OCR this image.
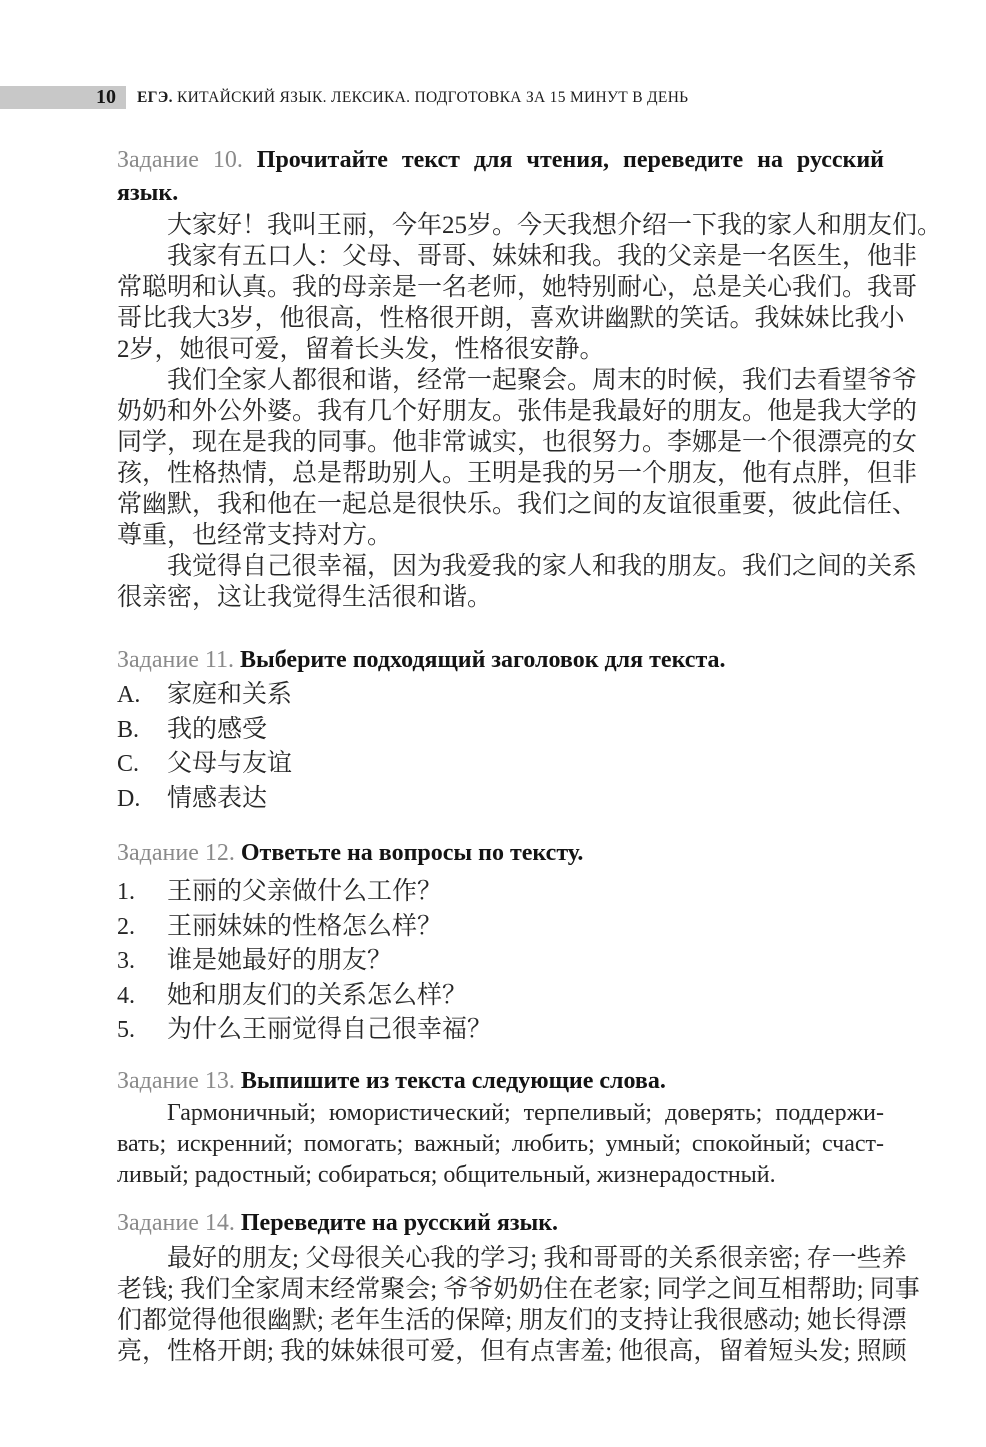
10	ЕГЭ. КИТАЙСКИЙ ЯЗЫК. ЛЕКСИКА. ПОДГОТОВКА ЗА 15 МИНУТ В ДЕНЬ
Задание 10. Прочитайте текст для чтения, переведите на русский язык.
大家好！我叫王丽，今年25岁。今天我想介绍一下我的家人和朋友们。
我家有五口人：父母、哥哥、妹妹和我。我的父亲是一名医生，他非
常聪明和认真。我的母亲是一名老师，她特别耐心，总是关心我们。我哥
哥比我大3岁，他很高，性格很开朗，喜欢讲幽默的笑话。我妹妹比我小
2岁，她很可爱，留着长头发，性格很安静。
我们全家人都很和谐，经常一起聚会。周末的时候，我们去看望爷爷
奶奶和外公外婆。我有几个好朋友。张伟是我最好的朋友。他是我大学的
同学，现在是我的同事。他非常诚实，也很努力。李娜是一个很漂亮的女
孩，性格热情，总是帮助别人。王明是我的另一个朋友，他有点胖，但非
常幽默，我和他在一起总是很快乐。我们之间的友谊很重要，彼此信任、
尊重，也经常支持对方。
我觉得自己很幸福，因为我爱我的家人和我的朋友。我们之间的关系
很亲密，这让我觉得生活很和谐。
Задание 11. Выберите подходящий заголовок для текста.
A. 家庭和关系
B. 我的感受
C. 父母与友谊
D. 情感表达
Задание 12. Ответьте на вопросы по тексту.
1. 王丽的父亲做什么工作？
2. 王丽妹妹的性格怎么样？
3. 谁是她最好的朋友？
4. 她和朋友们的关系怎么样？
5. 为什么王丽觉得自己很幸福？
Задание 13. Выпишите из текста следующие слова.
Гармоничный; юмористический; терпеливый; доверять; поддержи-
вать; искренний; помогать; важный; любить; умный; спокойный; счаст-
ливый; радостный; собираться; общительный, жизнерадостный.
Задание 14. Переведите на русский язык.
最好的朋友; 父母很关心我的学习; 我和哥哥的关系很亲密; 存一些养
老钱; 我们全家周末经常聚会; 爷爷奶奶住在老家; 同学之间互相帮助; 同事
们都觉得他很幽默; 老年生活的保障; 朋友们的支持让我很感动; 她长得漂
亮，性格开朗; 我的妹妹很可爱，但有点害羞; 他很高，留着短头发; 照顾
